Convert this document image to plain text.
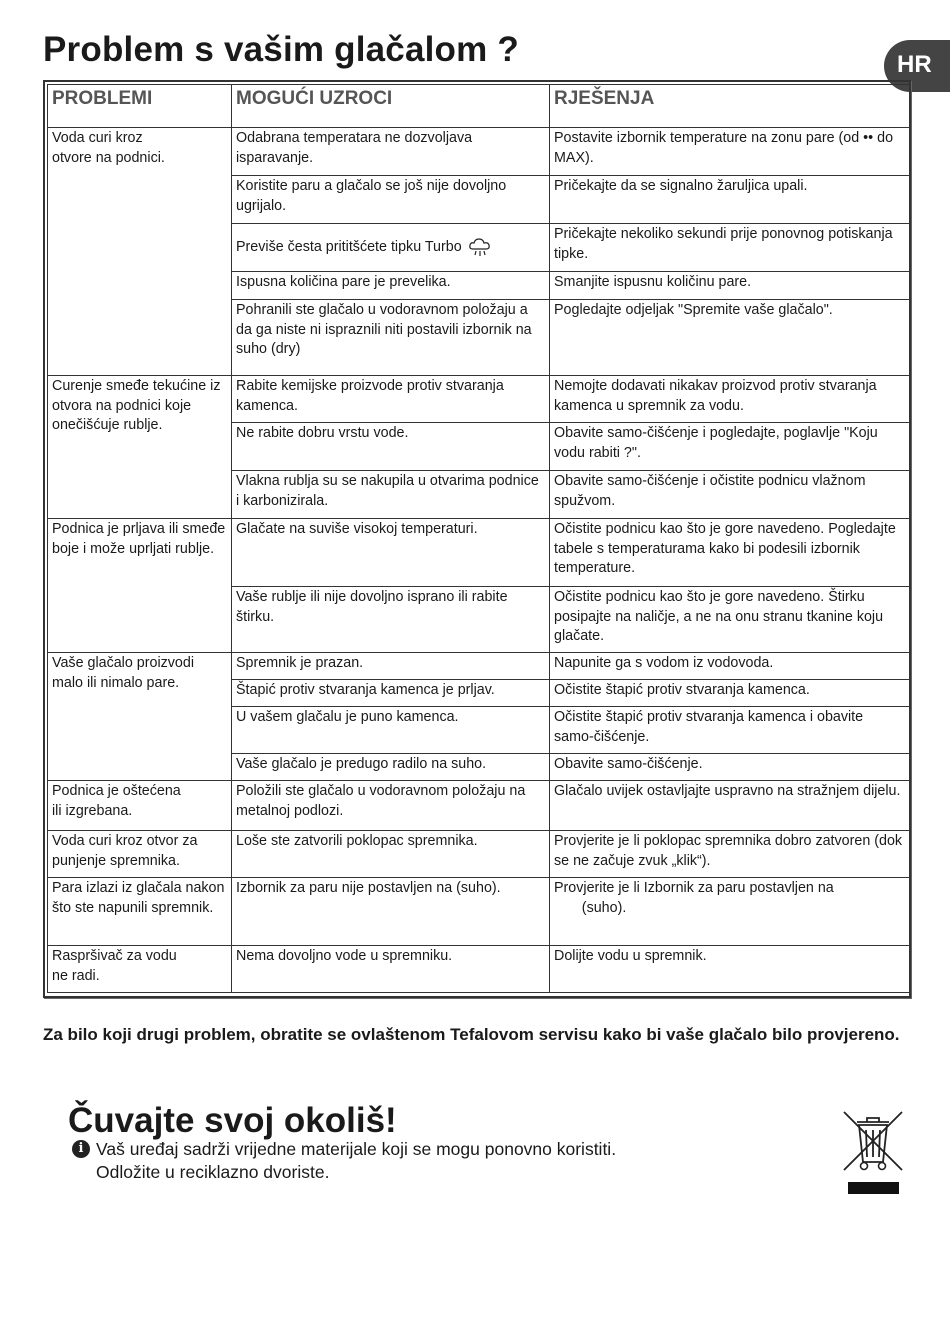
Problem s vašim glačalom ?	HR
PROBLEMI	MOGUĆI UZROCI	RJEŠENJA
Voda curi kroz
otvore na podnici.	Odabrana temperatara ne dozvoljava isparavanje.	Postavite izbornik temperature na zonu pare (od •• do MAX).
	Koristite paru a glačalo se još nije dovoljno ugrijalo.	Pričekajte da se signalno žaruljica upali.
	Previše česta prititšćete tipku Turbo	Pričekajte nekoliko sekundi prije ponovnog potiskanja tipke.
	Ispusna količina pare je prevelika.	Smanjite ispusnu količinu pare.
	Pohranili ste glačalo u vodoravnom položaju a da ga niste ni ispraznili niti postavili izbornik na suho (dry)	Pogledajte odjeljak "Spremite vaše glačalo".
Curenje smeđe tekućine iz otvora na podnici koje onečišćuje rublje.	Rabite kemijske proizvode protiv stvaranja kamenca.	Nemojte dodavati nikakav proizvod protiv stvaranja kamenca u spremnik za vodu.
	Ne rabite dobru vrstu vode.	Obavite samo-čišćenje i pogledajte, poglavlje "Koju vodu rabiti ?".
	Vlakna rublja su se nakupila u otvarima podnice i karbonizirala.	Obavite samo-čišćenje i očistite podnicu vlažnom spužvom.
Podnica je prljava ili smeđe boje i može uprljati rublje.	Glačate na suviše visokoj temperaturi.	Očistite podnicu kao što je gore navedeno. Pogledajte tabele s temperaturama kako bi podesili izbornik temperature.
	Vaše rublje ili nije dovoljno isprano ili rabite štirku.	Očistite podnicu kao što je gore navedeno. Štirku posipajte na naličje, a ne na onu stranu tkanine koju glačate.
Vaše glačalo proizvodi malo ili nimalo pare.	Spremnik je prazan.	Napunite ga s vodom iz vodovoda.
	Štapić protiv stvaranja kamenca je prljav.	Očistite štapić protiv stvaranja kamenca.
	U vašem glačalu je puno kamenca.	Očistite štapić protiv stvaranja kamenca i obavite samo-čišćenje.
	Vaše glačalo je predugo radilo na suho.	Obavite samo-čišćenje.
Podnica je oštećena
ili izgrebana.	Položili ste glačalo u vodoravnom položaju na metalnoj podlozi.	Glačalo uvijek ostavljajte uspravno na stražnjem dijelu.
Voda curi kroz otvor za punjenje spremnika.	Loše ste zatvorili poklopac spremnika.	Provjerite je li poklopac spremnika dobro zatvoren (dok se ne začuje zvuk „klik“).
Para izlazi iz glačala nakon što ste napunili spremnik.	Izbornik za paru nije postavljen na (suho).	Provjerite je li Izbornik za paru postavljen na
(suho).
Raspršivač za vodu
ne radi.	Nema dovoljno vode u spremniku.	Dolijte vodu u spremnik.

Za bilo koji drugi problem, obratite se ovlaštenom Tefalovom servisu kako bi vaše glačalo bilo provjereno.

Čuvajte svoj okoliš!
i Vaš uređaj sadrži vrijedne materijale koji se mogu ponovno koristiti.
Odložite u reciklazno dvoriste.
